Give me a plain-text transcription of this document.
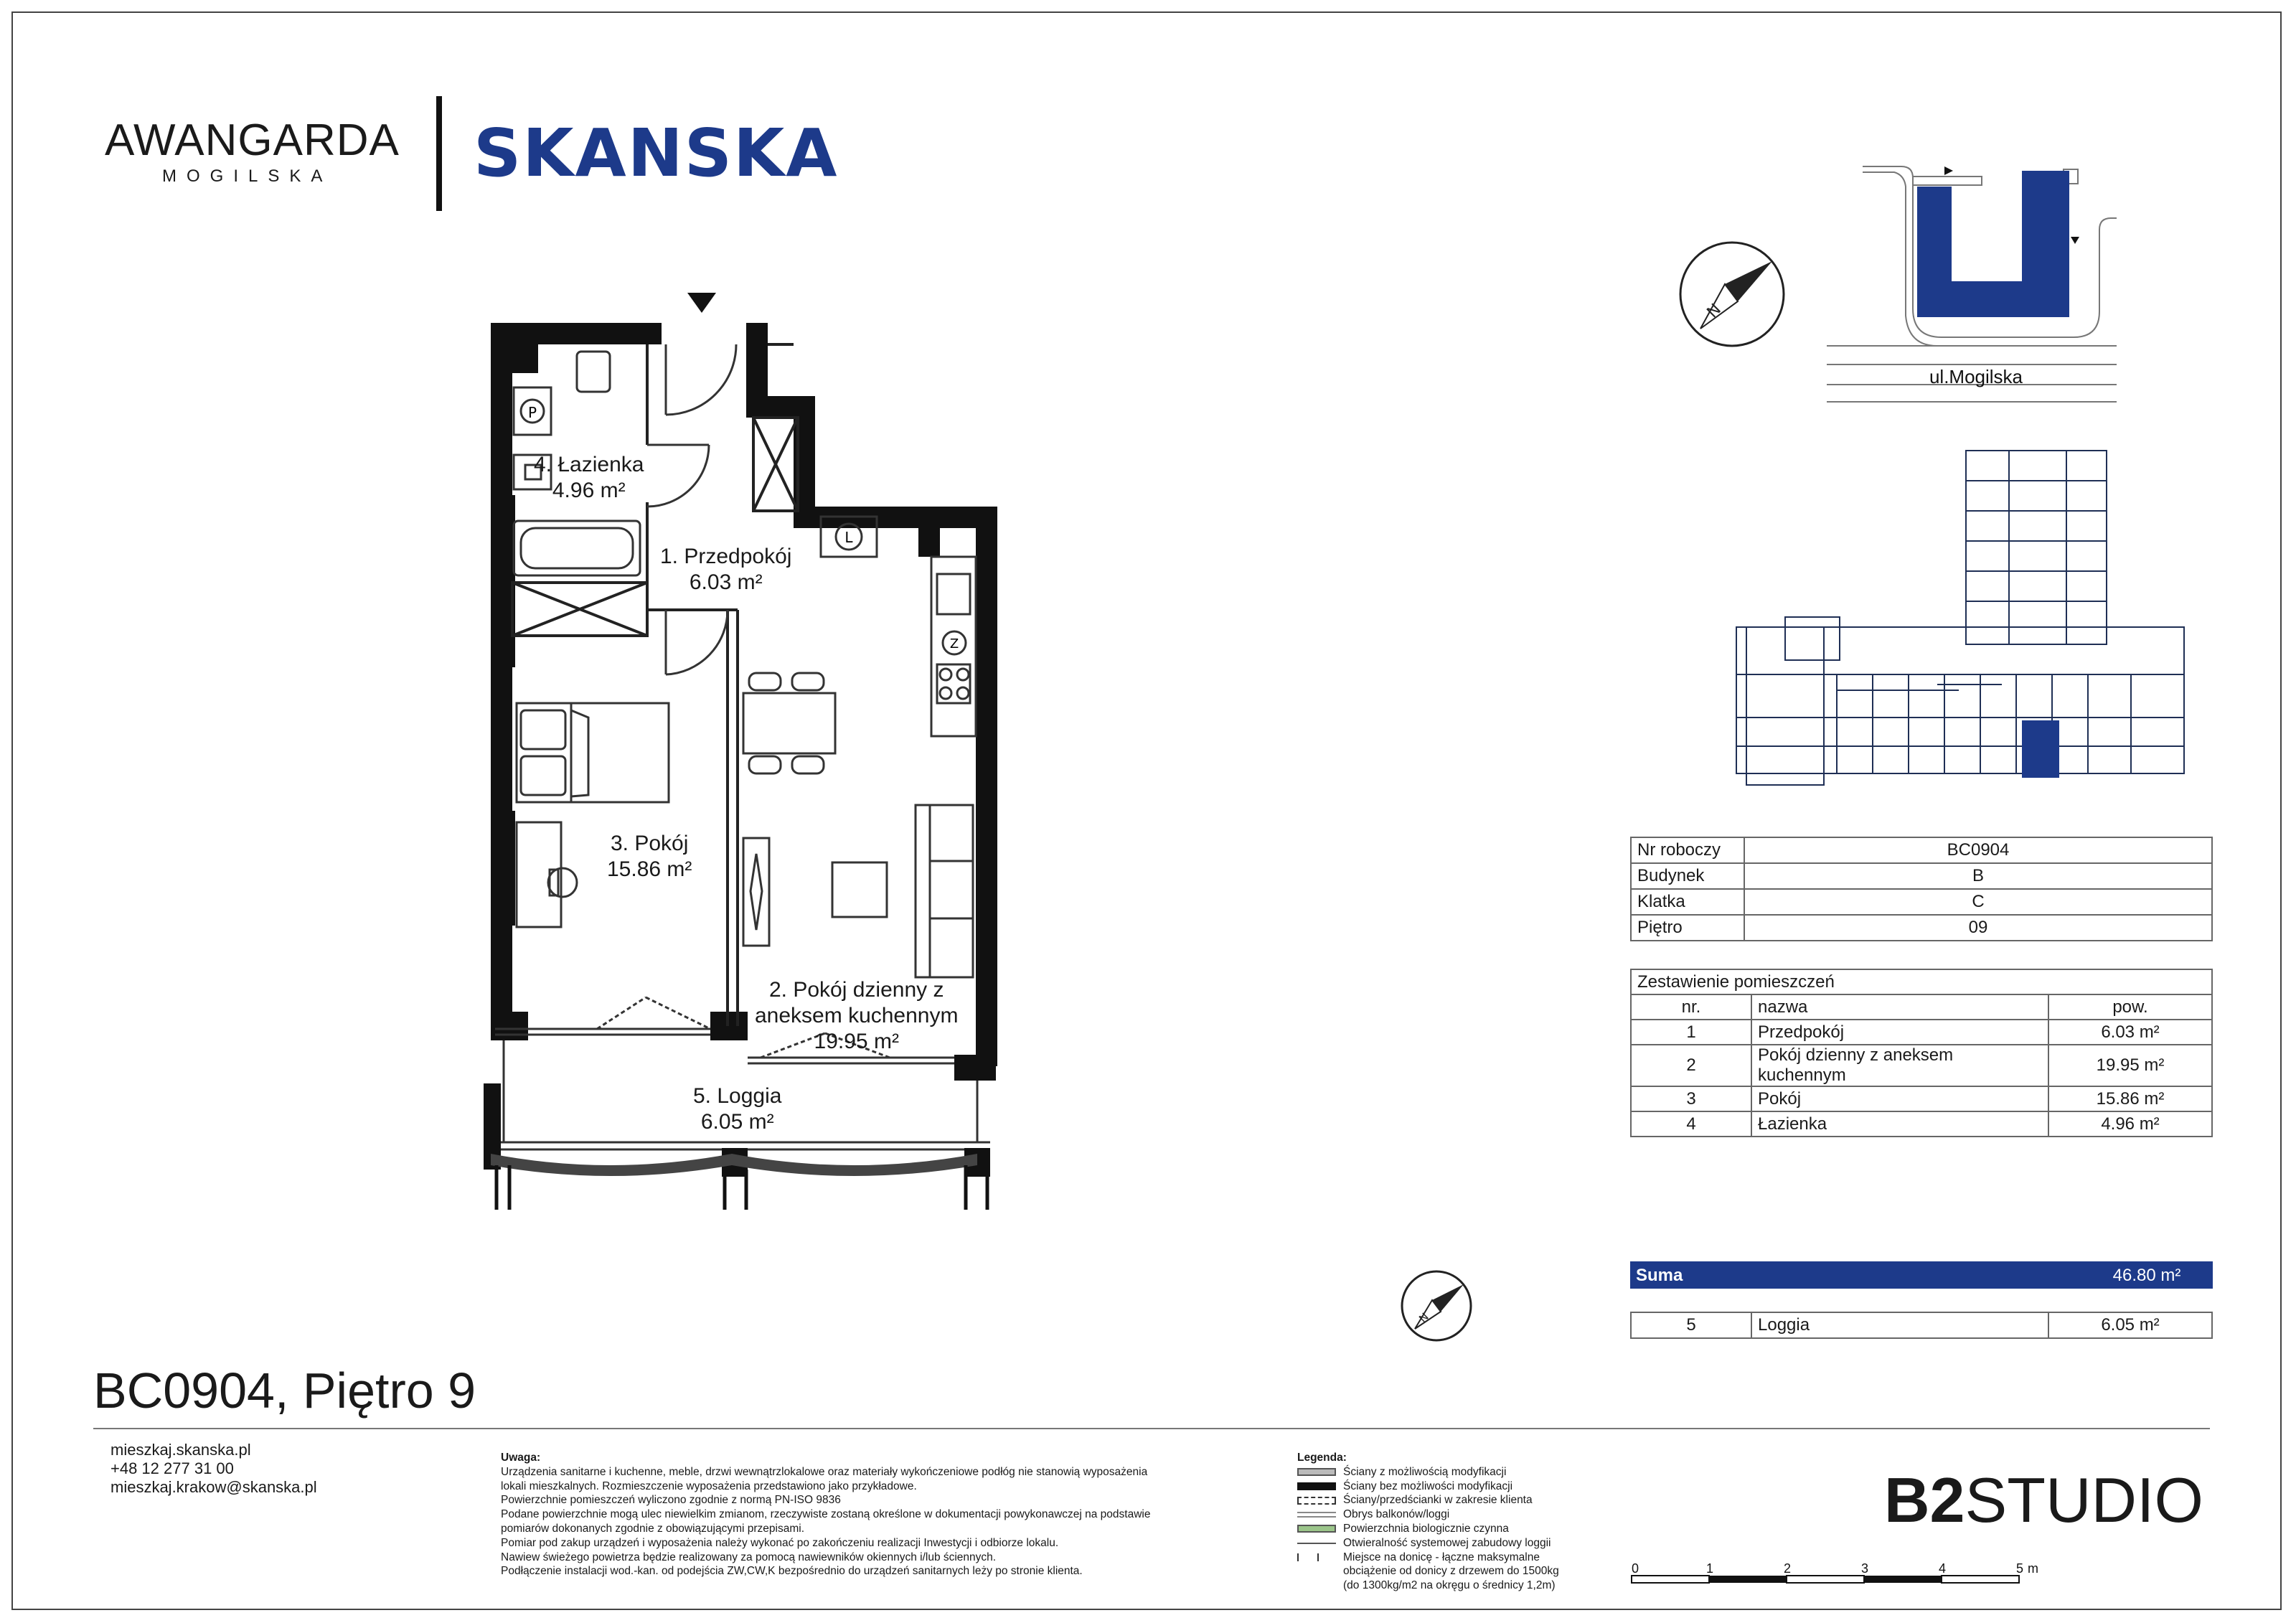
AWANGARDA
MOGILSKA SKANSKA
P
L
Z
N
N
ul.Mogilska
0	1	2	3	4	5 m
4. Łazienka
4.96 m²
1. Przedpokój
6.03 m²
3. Pokój
15.86 m²
2. Pokój dzienny z
aneksem kuchennym
19.95 m²
5. Loggia
6.05 m²
Nr roboczy	BC0904
Budynek	B
Klatka	C
Piętro	09
Zestawienie pomieszczeń		
nr.	nazwa	pow.
1	Przedpokój	6.03 m²
2	Pokój dzienny z aneksem kuchennym	19.95 m²
3	Pokój	15.86 m²
4	Łazienka	4.96 m²
Suma	46.80 m²
5	Loggia	6.05 m²
BC0904, Piętro 9
mieszkaj.skanska.pl
+48 12 277 31 00
mieszkaj.krakow@skanska.pl
Uwaga:
Urządzenia sanitarne i kuchenne, meble, drzwi wewnątrzlokalowe oraz materiały wykończeniowe podłóg nie stanowią wyposażenia
lokali mieszkalnych. Rozmieszczenie wyposażenia przedstawiono jako przykładowe.
Powierzchnie pomieszczeń wyliczono zgodnie z normą PN-ISO 9836
Podane powierzchnie mogą ulec niewielkim zmianom, rzeczywiste zostaną określone w dokumentacji powykonawczej na podstawie
pomiarów dokonanych zgodnie z obowiązującymi przepisami.
Pomiar pod zakup urządzeń i wyposażenia należy wykonać po zakończeniu realizacji Inwestycji i odbiorze lokalu.
Nawiew świeżego powietrza będzie realizowany za pomocą nawiewników okiennych i/lub ściennych.
Podłączenie instalacji wod.-kan. od podejścia ZW,CW,K bezpośrednio do urządzeń sanitarnych leży po stronie klienta.
Legenda:
Ściany z możliwością modyfikacji
Ściany bez możliwości modyfikacji
Ściany/przedścianki w zakresie klienta
Obrys balkonów/loggi
Powierzchnia biologicznie czynna
Otwieralność systemowej zabudowy loggii
Miejsce na donicę - łączne maksymalne
obciążenie od donicy z drzewem do 1500kg
(do 1300kg/m2 na okręgu o średnicy 1,2m)
B2STUDIO
